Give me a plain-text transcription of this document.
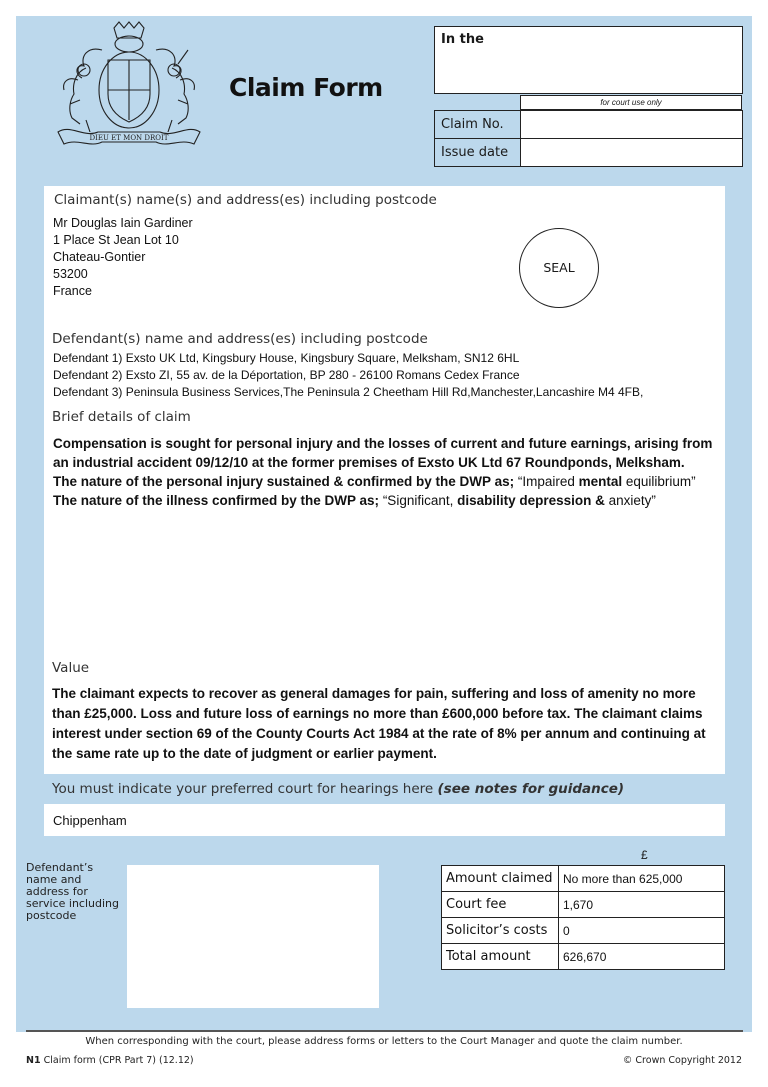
DIEU ET MON DROIT
Claim Form
In the
for court use only
Claim No.	
Issue date	
Claimant(s) name(s) and address(es) including postcode
Mr Douglas Iain Gardiner
1 Place St Jean Lot 10
Chateau-Gontier
53200
France
SEAL
Defendant(s) name and address(es) including postcode
Defendant 1) Exsto UK Ltd, Kingsbury House, Kingsbury Square, Melksham, SN12 6HL
Defendant 2) Exsto ZI, 55 av. de la Déportation, BP 280 - 26100 Romans Cedex France
Defendant 3) Peninsula Business Services,The Peninsula 2 Cheetham Hill Rd,Manchester,Lancashire M4 4FB,
Brief details of claim
Compensation is sought for personal injury and the losses of current and future earnings, arising from an industrial accident 09/12/10 at the former premises of Exsto UK Ltd 67 Roundponds, Melksham.
The nature of the personal injury sustained & confirmed by the DWP as; “Impaired mental equilibrium”
The nature of the illness confirmed by the DWP as; “Significant, disability depression & anxiety”
Value
The claimant expects to recover as general damages for pain, suffering and loss of amenity no more than £25,000. Loss and future loss of earnings no more than £600,000 before tax. The claimant claims interest under section 69 of the County Courts Act 1984 at the rate of 8% per annum and continuing at the same rate up to the date of judgment or earlier payment.
You must indicate your preferred court for hearings here (see notes for guidance)
Chippenham
Defendant’s name and address for service including postcode
£
Amount claimed	No more than 625,000
Court fee	1,670
Solicitor’s costs	0
Total amount	626,670
When corresponding with the court, please address forms or letters to the Court Manager and quote the claim number.
N1 Claim form (CPR Part 7) (12.12)	© Crown Copyright 2012
